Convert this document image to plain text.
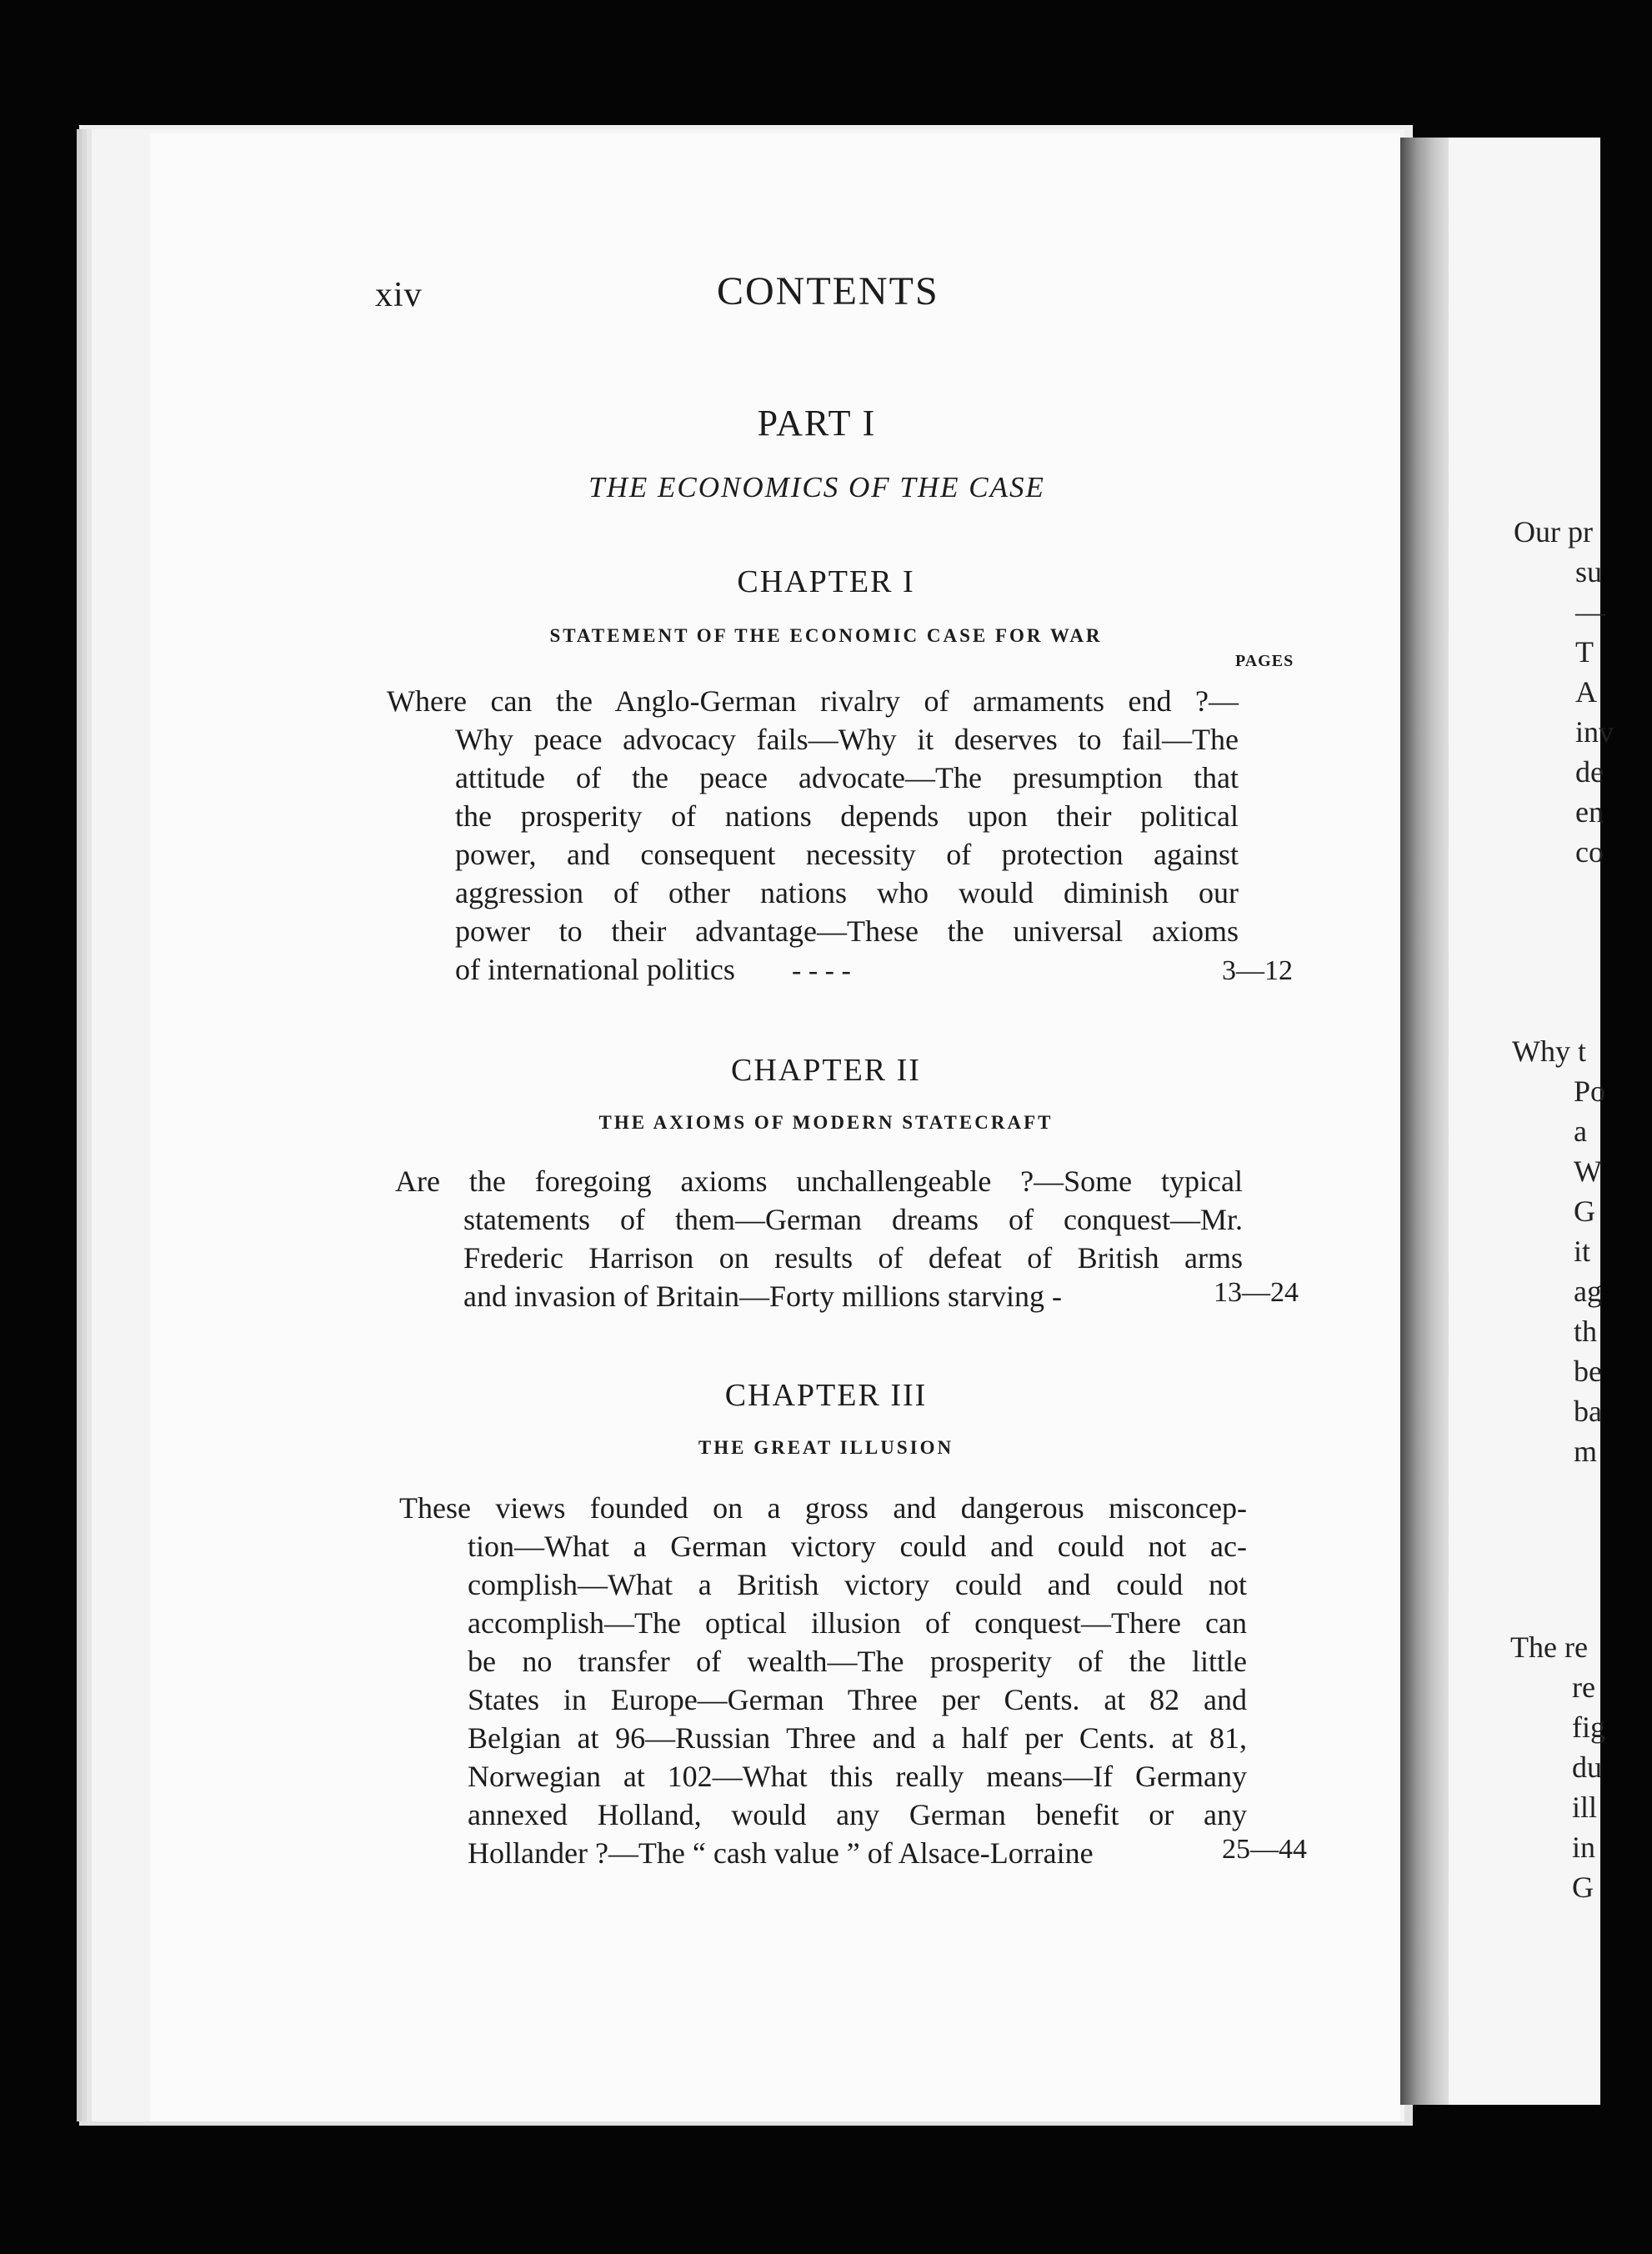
Our pr
su
—
T
A
inv
de
en
co
Why t
Po
a
W
G
it
ag
th
be
ba
m
The re
re
fig
du
ill
in
G
xiv	CONTENTS
PART I
THE ECONOMICS OF THE CASE
CHAPTER I
STATEMENT OF THE ECONOMIC CASE FOR WAR
PAGES
Where can the Anglo-German rivalry of armaments end ?—
Why peace advocacy fails—Why it deserves to fail—The
attitude of the peace advocate—The presumption that
the prosperity of nations depends upon their political
power, and consequent necessity of protection against
aggression of other nations who would diminish our
power to their advantage—These the universal axioms
of international politics	- - - -	3—12
CHAPTER II
THE AXIOMS OF MODERN STATECRAFT
Are the foregoing axioms unchallengeable ?—Some typical
statements of them—German dreams of conquest—Mr.
Frederic Harrison on results of defeat of British arms
and invasion of Britain—Forty millions starving -	13—24
CHAPTER III
THE GREAT ILLUSION
These views founded on a gross and dangerous misconcep-
tion—What a German victory could and could not ac-
complish—What a British victory could and could not
accomplish—The optical illusion of conquest—There can
be no transfer of wealth—The prosperity of the little
States in Europe—German Three per Cents. at 82 and
Belgian at 96—Russian Three and a half per Cents. at 81,
Norwegian at 102—What this really means—If Germany
annexed Holland, would any German benefit or any
Hollander ?—The “ cash value ” of Alsace-Lorraine	25—44
